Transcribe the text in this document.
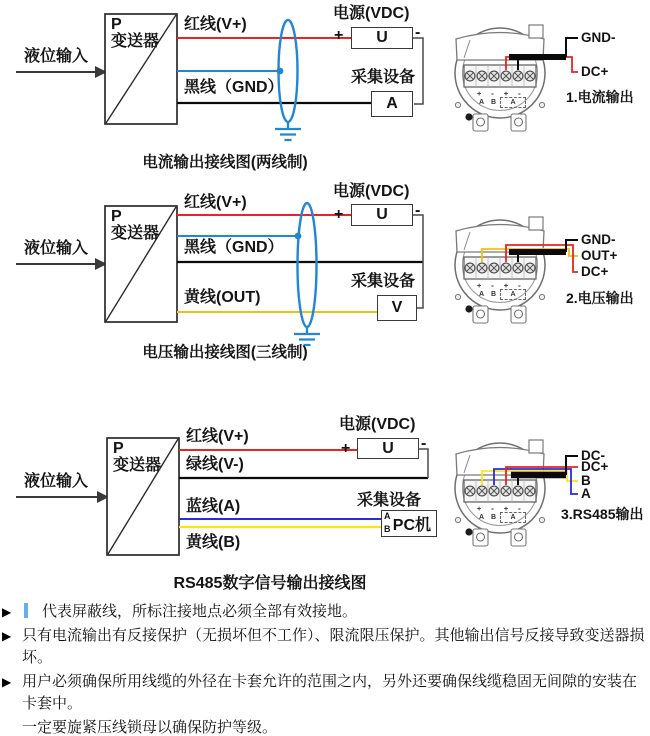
液位输入
P
变送器
红线(V+)
黑线（GND）
电源(VDC)
+	-
U
采集设备
A
电流输出接线图(两线制)
GND-
DC+
1.电流输出
+ - + -
A B A
液位输入
P
变送器
红线(V+)
黑线（GND）
黄线(OUT)
电源(VDC)
+	-
U
采集设备
V
电压输出接线图(三线制)
GND-
OUT+
DC+
2.电压输出
+ - + -
A B A
液位输入
P
变送器
红线(V+)
绿线(V-)
蓝线(A)
黄线(B)
电源(VDC)
+	-
U
采集设备
PC机
A
B
RS485数字信号输出接线图
DC-
DC+
B
A
3.RS485输出
+ - + -
A B A
▶	代表屏蔽线，所标注接地点必须全部有效接地。
▶ 只有电流输出有反接保护（无损坏但不工作）、限流限压保护。其他输出信号反接导致变送器损坏。
▶ 用户必须确保所用线缆的外径在卡套允许的范围之内，另外还要确保线缆稳固无间隙的安装在卡套中。
一定要旋紧压线锁母以确保防护等级。
